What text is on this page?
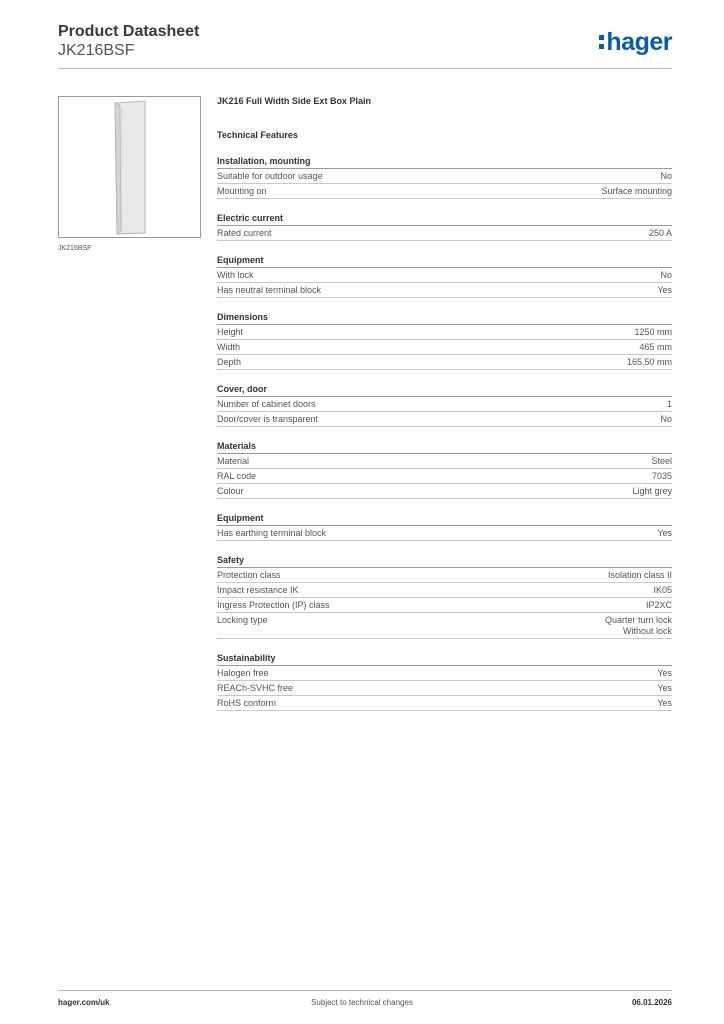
Product Datasheet
JK216BSF	hager
JK216BSF
JK216 Full Width Side Ext Box Plain
Technical Features
Installation, mounting
Suitable for outdoor usage	No
Mounting on	Surface mounting
Electric current
Rated current	250 A
Equipment
With lock	No
Has neutral terminal block	Yes
Dimensions
Height	1250 mm
Width	465 mm
Depth	165.50 mm
Cover, door
Number of cabinet doors	1
Door/cover is transparent	No
Materials
Material	Steel
RAL code	7035
Colour	Light grey
Equipment
Has earthing terminal block	Yes
Safety
Protection class	Isolation class II
Impact resistance IK	IK05
Ingress Protection (IP) class	IP2XC
Locking type	Quarter turn lock
Without lock
Sustainability
Halogen free	Yes
REACh-SVHC free	Yes
RoHS conform	Yes
hager.com/uk	Subject to technical changes	06.01.2026
